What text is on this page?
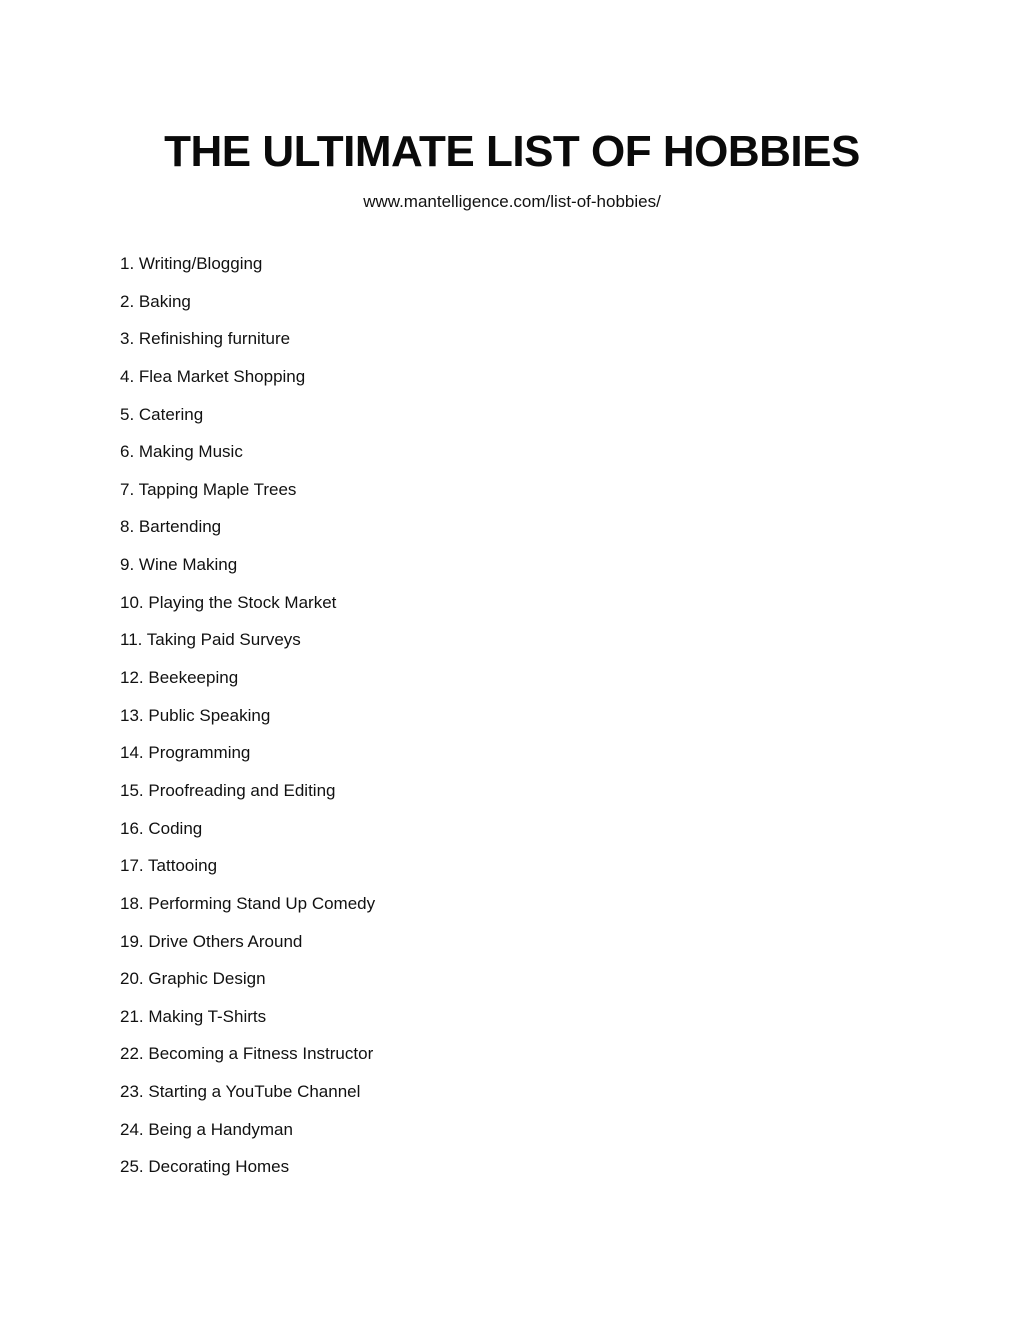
THE ULTIMATE LIST OF HOBBIES
www.mantelligence.com/list-of-hobbies/
1. Writing/Blogging
2. Baking
3. Refinishing furniture
4. Flea Market Shopping
5. Catering
6. Making Music
7. Tapping Maple Trees
8. Bartending
9. Wine Making
10. Playing the Stock Market
11. Taking Paid Surveys
12. Beekeeping
13. Public Speaking
14. Programming
15. Proofreading and Editing
16. Coding
17. Tattooing
18. Performing Stand Up Comedy
19. Drive Others Around
20. Graphic Design
21. Making T-Shirts
22. Becoming a Fitness Instructor
23. Starting a YouTube Channel
24. Being a Handyman
25. Decorating Homes
